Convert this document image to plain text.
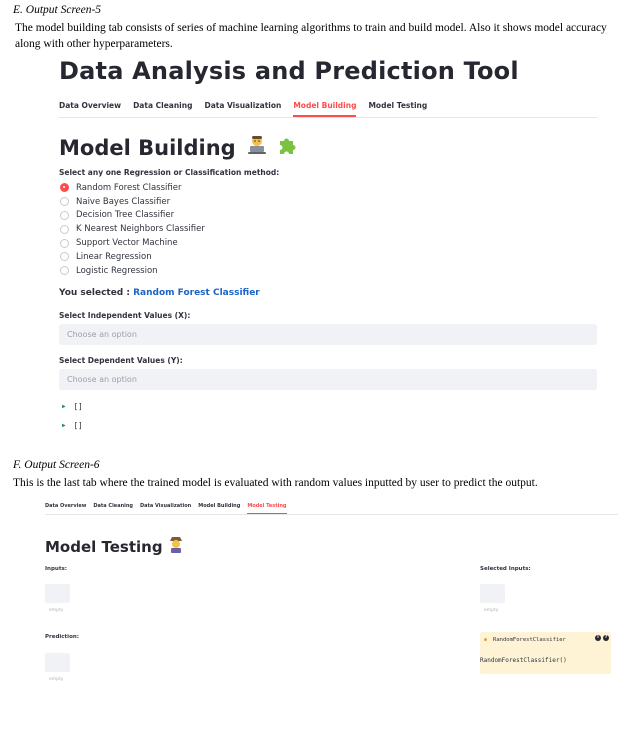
E. Output Screen-5
The model building tab consists of series of machine learning algorithms to train and build model. Also it shows model accuracy along with other hyperparameters.
Data Analysis and Prediction Tool
Data Overview Data Cleaning Data Visualization Model Building Model Testing
Model Building
Select any one Regression or Classification method:
Random Forest Classifier
Naive Bayes Classifier
Decision Tree Classifier
K Nearest Neighbors Classifier
Support Vector Machine
Linear Regression
Logistic Regression
You selected : Random Forest Classifier
Select Independent Values (X):
Choose an option
Select Dependent Values (Y):
Choose an option
▶ []
▶ []
F. Output Screen-6
This is the last tab where the trained model is evaluated with random values inputted by user to predict the output.
Data Overview Data Cleaning Data Visualization Model Building Model Testing
Model Testing
Inputs:	Selected Inputs:
empty	empty
Prediction:
empty
● RandomForestClassifier	i	?
RandomForestClassifier()
